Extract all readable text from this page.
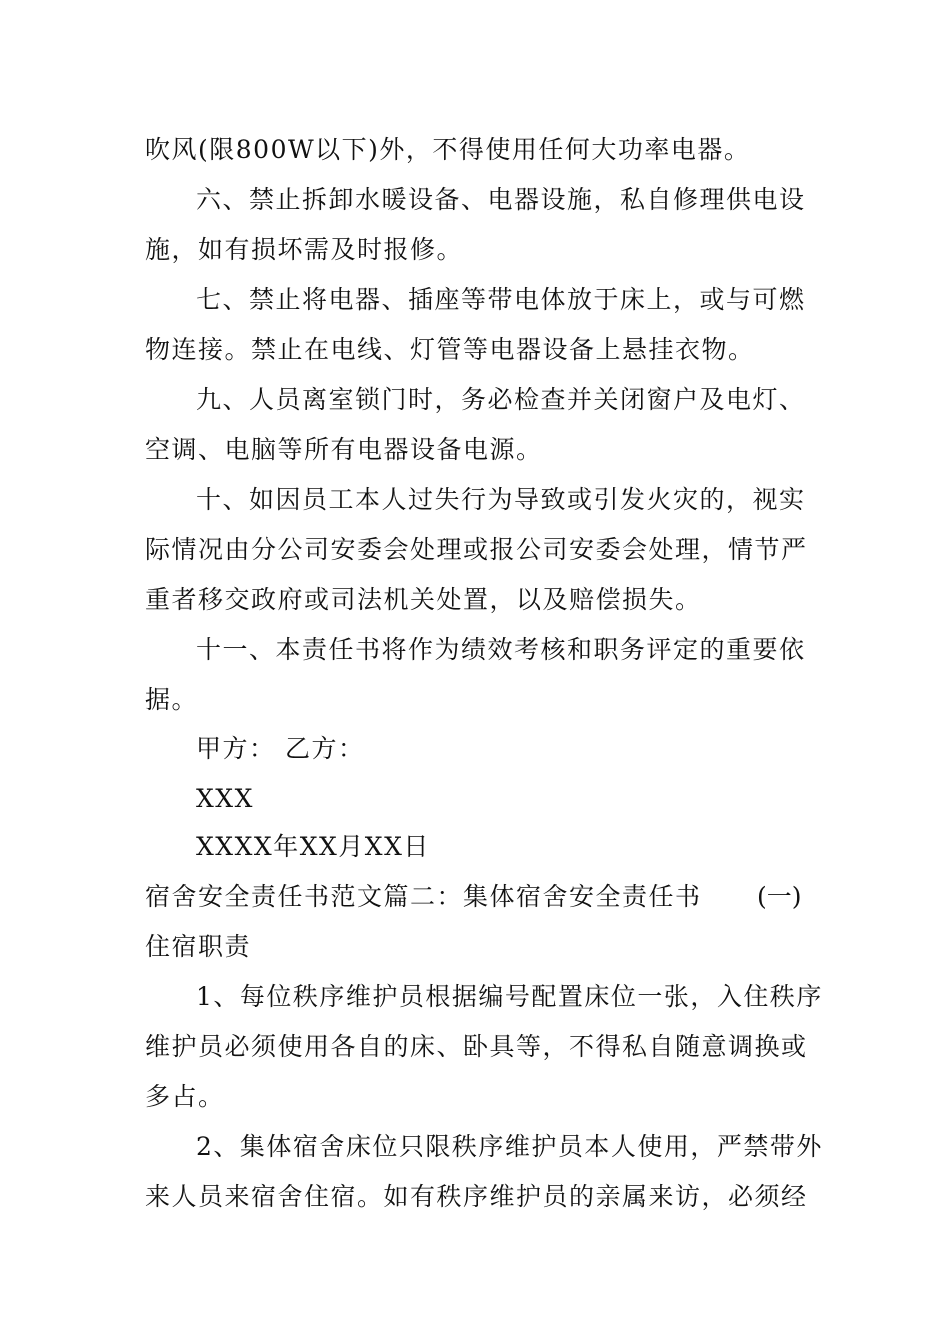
吹风(限800W以下)外，不得使用任何大功率电器。
六、禁止拆卸水暖设备、电器设施，私自修理供电设
施，如有损坏需及时报修。
七、禁止将电器、插座等带电体放于床上，或与可燃
物连接。禁止在电线、灯管等电器设备上悬挂衣物。
九、人员离室锁门时，务必检查并关闭窗户及电灯、
空调、电脑等所有电器设备电源。
十、如因员工本人过失行为导致或引发火灾的，视实
际情况由分公司安委会处理或报公司安委会处理，情节严
重者移交政府或司法机关处置，以及赔偿损失。
十一、本责任书将作为绩效考核和职务评定的重要依
据。
甲方： 乙方：
XXX
XXXX年XX月XX日
宿舍安全责任书范文篇二：集体宿舍安全责任书	(一)
住宿职责
1、每位秩序维护员根据编号配置床位一张，入住秩序
维护员必须使用各自的床、卧具等，不得私自随意调换或
多占。
2、集体宿舍床位只限秩序维护员本人使用，严禁带外
来人员来宿舍住宿。如有秩序维护员的亲属来访，必须经
